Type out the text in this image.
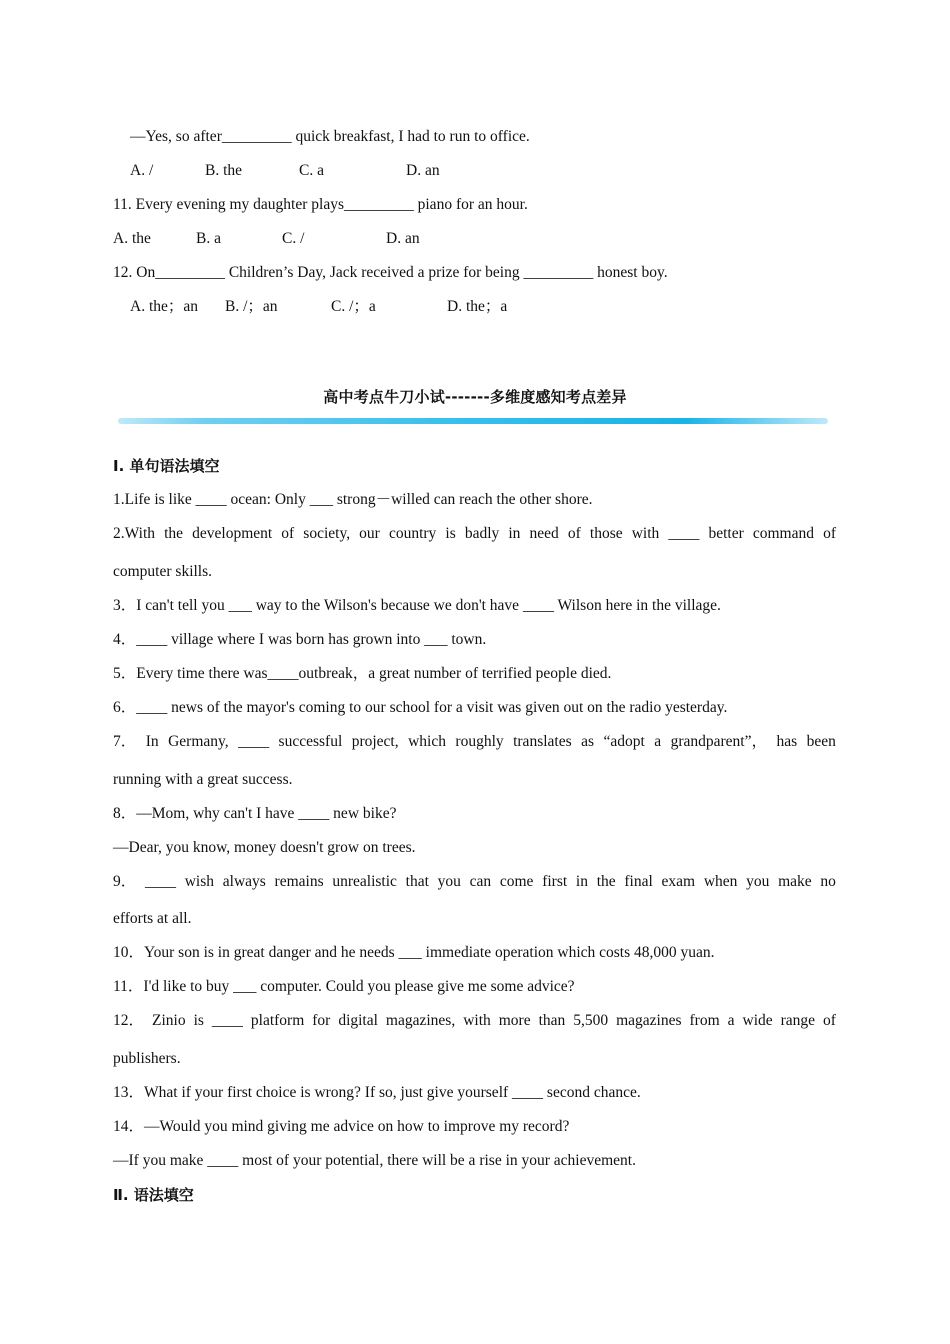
—Yes, so after_________ quick breakfast, I had to run to office.
A. /	B. the	C. a	D. an
11. Every evening my daughter plays_________ piano for an hour.
A. the	B. a	C. /	D. an
12. On_________ Children’s Day, Jack received a prize for being _________ honest boy.
A. the；an B. /；an	C. /；a	D. the；a
高中考点牛刀小试-------多维度感知考点差异
Ⅰ. 单句语法填空
1.Life is like ____ ocean: Only ___ strong－willed can reach the other shore.
2.With the development of society, our country is badly in need of those with ____ better command of
computer skills.
3．I can't tell you ___ way to the Wilson's because we don't have ____ Wilson here in the village.
4．____ village where I was born has grown into ___ town.
5．Every time there was____outbreak，a great number of terrified people died.
6．____ news of the mayor's coming to our school for a visit was given out on the radio yesterday.
7． In Germany, ____ successful project, which roughly translates as “adopt a grandparent”， has been
running with a great success.
8．—Mom, why can't I have ____ new bike?
—Dear, you know, money doesn't grow on trees.
9． ____ wish always remains unrealistic that you can come first in the final exam when you make no
efforts at all.
10．Your son is in great danger and he needs ___ immediate operation which costs 48,000 yuan.
11．I'd like to buy ___ computer. Could you please give me some advice?
12． Zinio is ____ platform for digital magazines, with more than 5,500 magazines from a wide range of
publishers.
13．What if your first choice is wrong? If so, just give yourself ____ second chance.
14．—Would you mind giving me advice on how to improve my record?
—If you make ____ most of your potential, there will be a rise in your achievement.
Ⅱ. 语法填空
